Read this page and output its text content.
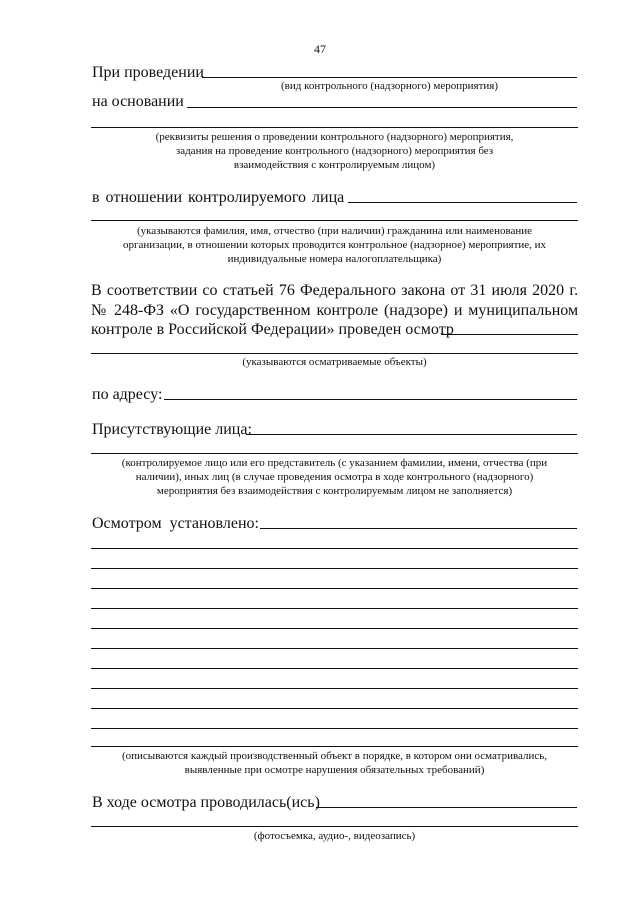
47
При проведении
(вид контрольного (надзорного) мероприятия)
на основании
(реквизиты решения о проведении контрольного (надзорного) мероприятия,
задания на проведение контрольного (надзорного) мероприятия без
взаимодействия с контролируемым лицом)
в отношении контролируемого лица
(указываются фамилия, имя, отчество (при наличии) гражданина или наименование
организации, в отношении которых проводится контрольное (надзорное) мероприятие, их
индивидуальные номера налогоплательщика)
В соответствии со статьей 76 Федерального закона от 31 июля 2020 г.
№ 248-ФЗ «О государственном контроле (надзоре) и муниципальном
контроле в Российской Федерации» проведен осмотр
(указываются осматриваемые объекты)
по адресу:
Присутствующие лица:
(контролируемое лицо или его представитель (с указанием фамилии, имени, отчества (при
наличии), иных лиц (в случае проведения осмотра в ходе контрольного (надзорного)
мероприятия без взаимодействия с контролируемым лицом не заполняется)
Осмотром установлено:
(описываются каждый производственный объект в порядке, в котором они осматривались,
выявленные при осмотре нарушения обязательных требований)
В ходе осмотра проводилась(ись)
(фотосъемка, аудио-, видеозапись)
